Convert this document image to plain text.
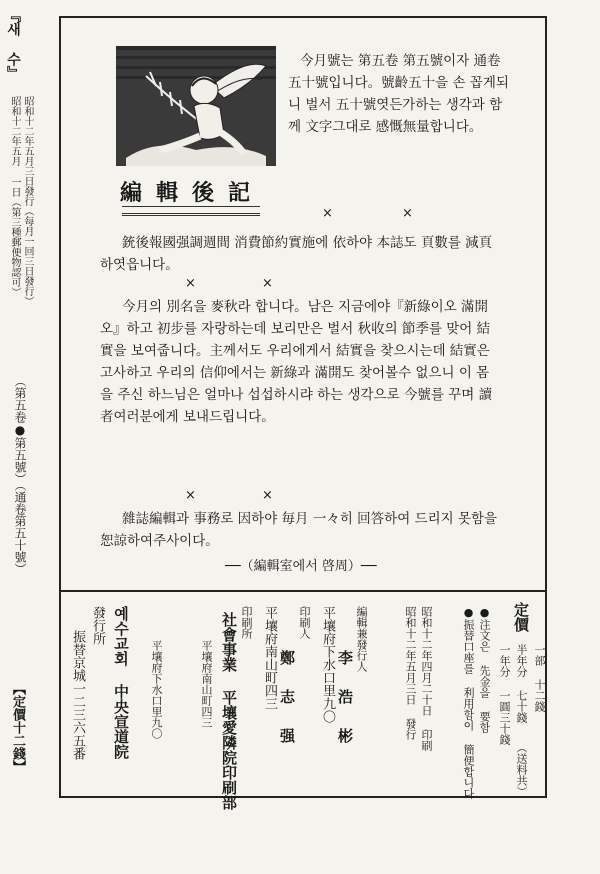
『새 수』
昭和十二年五月 一日（第三種郵便物認可） 昭和十二年五月三日發行（每月一回三日發行）
（第五卷●第五號）（通卷第五十號）
【定價十二錢】
編輯後記

今月號는 第五卷 第五號이자 通卷五十號입니다。號齡五十을 손 꼽게되니 벌서 五十號엿든가하는 생각과 함께 文字그대로 感慨無量합니다。

×	×

銃後報國强調週間 消費節約實施에 依하야 本誌도 頁數를 減頁하엿읍니다。

×	×

今月의 別名을 麥秋라 합니다。남은 지금에야『新綠이오 滿開오』하고 初步를 자랑하는데 보리만은 벌서 秋收의 節季를 맞어 結實을 보여줍니다。主께서도 우리에게서 結實을 찾으시는데 結實은 고사하고 우리의 信仰에서는 新綠과 滿開도 찾어볼수 없으니 이 몸을 주신 하느님은 얼마나 섭섭하시랴 하는 생각으로 今號를 꾸며 讀者여러분에게 보내드립니다。

×	×

雜誌編輯과 事務로 因하야 毎月 一々히 回答하여 드리지 못함을 恕諒하여주사이다。

──（編輯室에서 啓周）──
定價
一部 十二錢
半年分 七十錢
一年分 一圓三十錢
（送料共）
●注文은 先金을 要함
●振替口座를 利用함이 簡便합니다
昭和十二年四月二十日 印刷
昭和十二年五月三日 發行
編輯兼發行人
平壤府下水口里九〇 李浩彬
印刷人
平壤府南山町四三 鄭志强
印刷所
社會事業 平壤愛隣院印刷部
平壤府南山町四三
平壤府下水口里九〇
發行所 예수교회 中央宣道院
振替京城一二三六五番
